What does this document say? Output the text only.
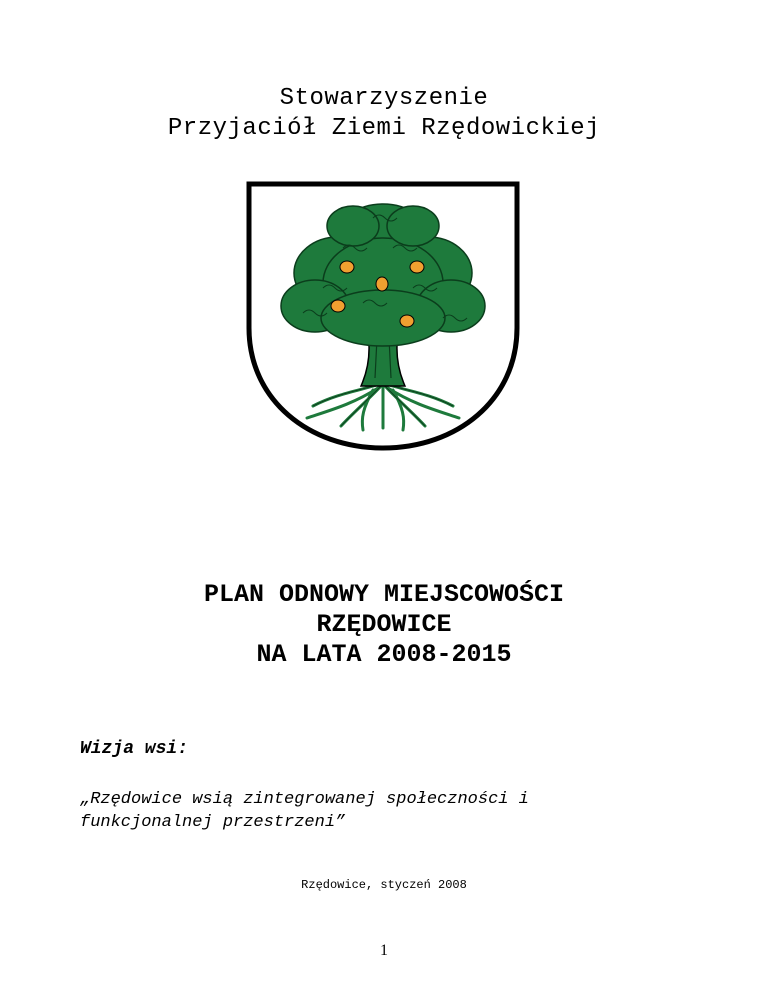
Stowarzyszenie
Przyjaciół Ziemi Rzędowickiej
PLAN ODNOWY MIEJSCOWOŚCI
RZĘDOWICE
NA LATA 2008-2015
Wizja wsi:
„Rzędowice wsią zintegrowanej społeczności i
funkcjonalnej przestrzeni”
Rzędowice, styczeń 2008
1
